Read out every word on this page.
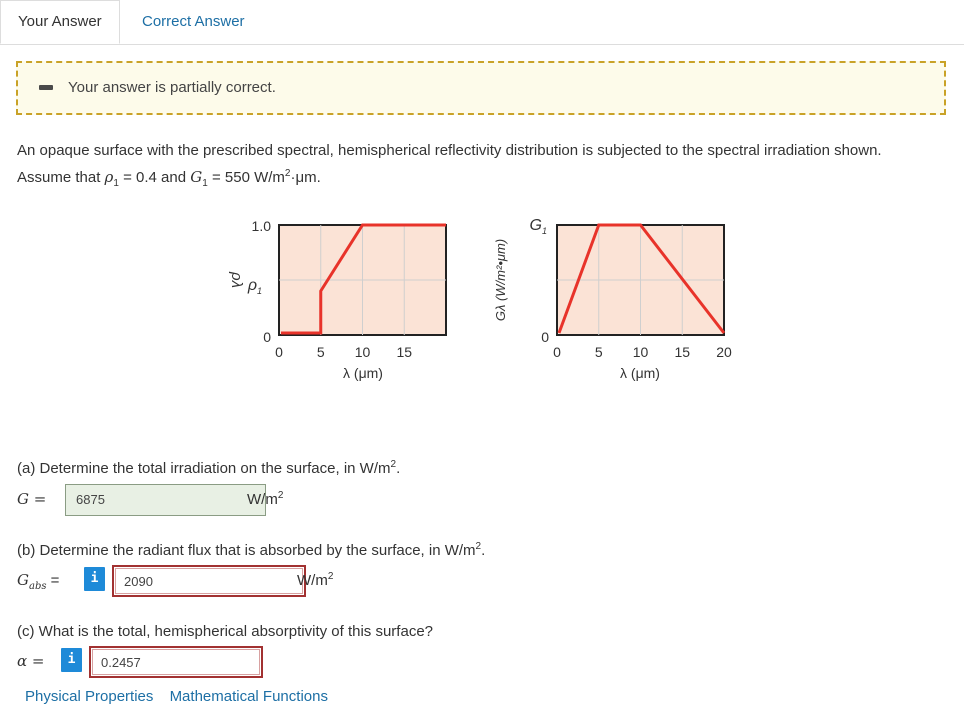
Your Answer	Correct Answer
Your answer is partially correct.
An opaque surface with the prescribed spectral, hemispherical reflectivity distribution is subjected to the spectral irradiation shown.
Assume that $\rho_1 = 0.4$ and $G_1 = 550$ $W/m^2\cdot\mu m$.
1.0
$\rho_1$
0
ρλ
0 5 10 15
λ (μm)
$G_1$
0
Gλ (W/m²•μm)
0 5 10 15 20
λ (μm)
(a) Determine the total irradiation on the surface, in $W/m^2$.
G =	6875	$W/m^2$
(b) Determine the radiant flux that is absorbed by the surface, in $W/m^2$.
$G_{abs}$ =	i	2090	$W/m^2$
(c) What is the total, hemispherical absorptivity of this surface?
α =	i	0.2457
Physical Properties Mathematical Functions
